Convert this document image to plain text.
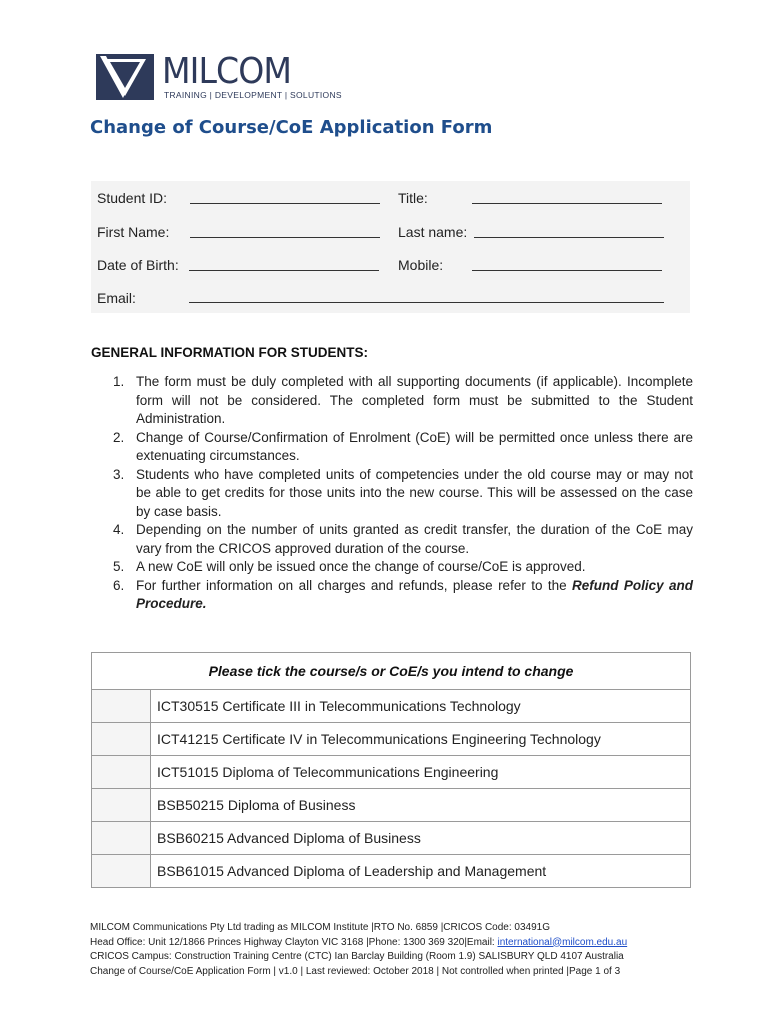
MILCOM
TRAINING | DEVELOPMENT | SOLUTIONS
Change of Course/CoE Application Form
Student ID:	Title:
First Name:	Last name:
Date of Birth:	Mobile:
Email:
GENERAL INFORMATION FOR STUDENTS:
1. The form must be duly completed with all supporting documents (if applicable). Incomplete form will not be considered. The completed form must be submitted to the Student Administration.
2. Change of Course/Confirmation of Enrolment (CoE) will be permitted once unless there are extenuating circumstances.
3. Students who have completed units of competencies under the old course may or may not be able to get credits for those units into the new course. This will be assessed on the case by case basis.
4. Depending on the number of units granted as credit transfer, the duration of the CoE may vary from the CRICOS approved duration of the course.
5. A new CoE will only be issued once the change of course/CoE is approved.
6. For further information on all charges and refunds, please refer to the Refund Policy and Procedure.
Please tick the course/s or CoE/s you intend to change	
	ICT30515 Certificate III in Telecommunications Technology
	ICT41215 Certificate IV in Telecommunications Engineering Technology
	ICT51015 Diploma of Telecommunications Engineering
	BSB50215 Diploma of Business
	BSB60215 Advanced Diploma of Business
	BSB61015 Advanced Diploma of Leadership and Management
MILCOM Communications Pty Ltd trading as MILCOM Institute |RTO No. 6859 |CRICOS Code: 03491G
Head Office: Unit 12/1866 Princes Highway Clayton VIC 3168 |Phone: 1300 369 320|Email: international@milcom.edu.au
CRICOS Campus: Construction Training Centre (CTC) Ian Barclay Building (Room 1.9) SALISBURY QLD 4107 Australia
Change of Course/CoE Application Form | v1.0 | Last reviewed: October 2018 | Not controlled when printed |Page 1 of 3
